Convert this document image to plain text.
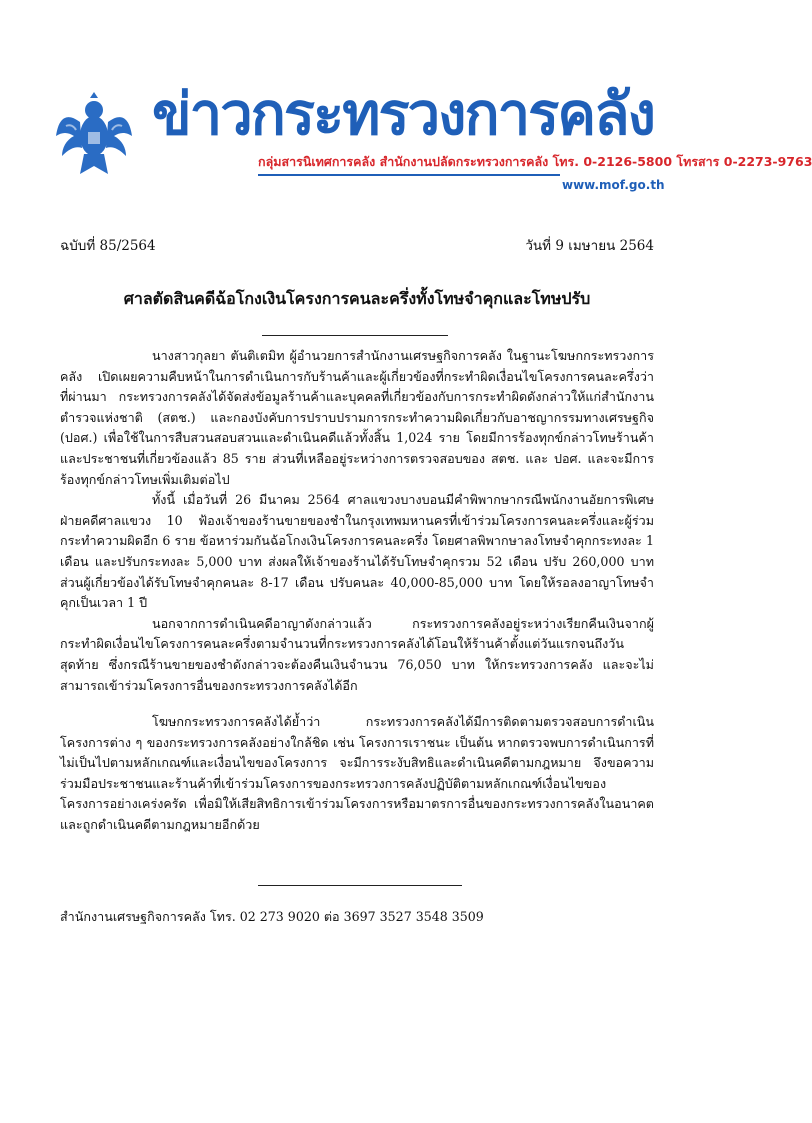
ข่าวกระทรวงการคลัง
กลุ่มสารนิเทศการคลัง สำนักงานปลัดกระทรวงการคลัง โทร. 0-2126-5800 โทรสาร 0-2273-9763
www.mof.go.th
ฉบับที่ 85/2564	วันที่ 9 เมษายน 2564
ศาลตัดสินคดีฉ้อโกงเงินโครงการคนละครึ่งทั้งโทษจำคุกและโทษปรับ

นางสาวกุลยา ตันติเตมิท ผู้อำนวยการสำนักงานเศรษฐกิจการคลัง ในฐานะโฆษกกระทรวงการคลัง เปิดเผยความคืบหน้าในการดำเนินการกับร้านค้าและผู้เกี่ยวข้องที่กระทำผิดเงื่อนไขโครงการคนละครึ่งว่า ที่ผ่านมา กระทรวงการคลังได้จัดส่งข้อมูลร้านค้าและบุคคลที่เกี่ยวข้องกับการกระทำผิดดังกล่าวให้แก่สำนักงานตำรวจแห่งชาติ (สตช.) และกองบังคับการปราบปรามการกระทำความผิดเกี่ยวกับอาชญากรรมทางเศรษฐกิจ (ปอศ.) เพื่อใช้ในการสืบสวนสอบสวนและดำเนินคดีแล้วทั้งสิ้น 1,024 ราย โดยมีการร้องทุกข์กล่าวโทษร้านค้าและประชาชนที่เกี่ยวข้องแล้ว 85 ราย ส่วนที่เหลืออยู่ระหว่างการตรวจสอบของ สตช. และ ปอศ. และจะมีการร้องทุกข์กล่าวโทษเพิ่มเติมต่อไป

ทั้งนี้ เมื่อวันที่ 26 มีนาคม 2564 ศาลแขวงบางบอนมีคำพิพากษากรณีพนักงานอัยการพิเศษฝ่ายคดีศาลแขวง 10 ฟ้องเจ้าของร้านขายของชำในกรุงเทพมหานครที่เข้าร่วมโครงการคนละครึ่งและผู้ร่วมกระทำความผิดอีก 6 ราย ข้อหาร่วมกันฉ้อโกงเงินโครงการคนละครึ่ง โดยศาลพิพากษาลงโทษจำคุกกระทงละ 1 เดือน และปรับกระทงละ 5,000 บาท ส่งผลให้เจ้าของร้านได้รับโทษจำคุกรวม 52 เดือน ปรับ 260,000 บาท ส่วนผู้เกี่ยวข้องได้รับโทษจำคุกคนละ 8-17 เดือน ปรับคนละ 40,000-85,000 บาท โดยให้รอลงอาญาโทษจำคุกเป็นเวลา 1 ปี

นอกจากการดำเนินคดีอาญาดังกล่าวแล้ว กระทรวงการคลังอยู่ระหว่างเรียกคืนเงินจากผู้กระทำผิดเงื่อนไขโครงการคนละครึ่งตามจำนวนที่กระทรวงการคลังได้โอนให้ร้านค้าตั้งแต่วันแรกจนถึงวันสุดท้าย ซึ่งกรณีร้านขายของชำดังกล่าวจะต้องคืนเงินจำนวน 76,050 บาท ให้กระทรวงการคลัง และจะไม่สามารถเข้าร่วมโครงการอื่นของกระทรวงการคลังได้อีก

โฆษกกระทรวงการคลังได้ย้ำว่า กระทรวงการคลังได้มีการติดตามตรวจสอบการดำเนินโครงการต่าง ๆ ของกระทรวงการคลังอย่างใกล้ชิด เช่น โครงการเราชนะ เป็นต้น หากตรวจพบการดำเนินการที่ไม่เป็นไปตามหลักเกณฑ์และเงื่อนไขของโครงการ จะมีการระงับสิทธิและดำเนินคดีตามกฎหมาย จึงขอความร่วมมือประชาชนและร้านค้าที่เข้าร่วมโครงการของกระทรวงการคลังปฏิบัติตามหลักเกณฑ์เงื่อนไขของโครงการอย่างเคร่งครัด เพื่อมิให้เสียสิทธิการเข้าร่วมโครงการหรือมาตรการอื่นของกระทรวงการคลังในอนาคตและถูกดำเนินคดีตามกฎหมายอีกด้วย

สำนักงานเศรษฐกิจการคลัง โทร. 02 273 9020 ต่อ 3697 3527 3548 3509
